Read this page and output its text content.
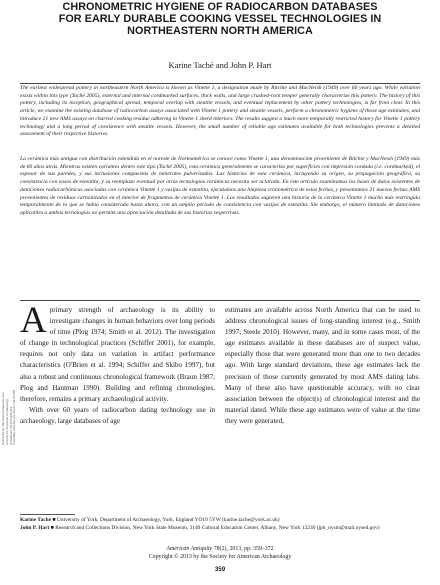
Delivered by http://saa.metapress.com Society for American Archaeology IP Address: 69.203.209.213 Thursday, October 03, 2013 7:36:23 PM
CHRONOMETRIC HYGIENE OF RADIOCARBON DATABASES
FOR EARLY DURABLE COOKING VESSEL TECHNOLOGIES IN
NORTHEASTERN NORTH AMERICA
Karine Taché and John P. Hart

The earliest widespread pottery in northeastern North America is known as Vinette 1, a designation made by Ritchie and MacNeish (1949) over 60 years ago. While variation exists within this type (Taché 2005), external and internal cordmarked surfaces, thick walls, and large crushed-rock temper generally characterize this pottery. The history of this pottery, including its inception, geographical spread, temporal overlap with steatite vessels, and eventual replacement by other pottery technologies, is far from clear. In this article, we examine the existing database of radiocarbon assays associated with Vinette 1 pottery and steatite vessels, perform a chronometric hygiene of those age estimates, and introduce 21 new AMS assays on charred cooking residue adhering to Vinette 1 sherd interiors. The results suggest a much more temporally restricted history for Vinette 1 pottery technology and a long period of coexistence with steatite vessels. However, the small number of reliable age estimates available for both technologies prevents a detailed assessment of their respective histories.

La cerámica más antigua con distribución extendida en el noreste de Norteamérica se conoce como Vinette 1, una denominación proveniente de Ritchie y MacNeish (1949) más de 60 años atrás. Mientras existen variantes dentro este tipo (Taché 2005), esta cerámica generalmente se caracteriza por superficies con impresión cordada (i.e. cordmarked), el espesor de sus paredes, y sus inclusiones compuestas de minerales pulverizados. Las historias de esta cerámica, incluyendo su origen, su propagación geográfica, su coexistencia con vasos de esteatita, y su reemplazo eventual por otras tecnologías cerámicas necesita ser aclarada. En este artículo examinamos los bases de datos existentes de dataciones radiocarbónicas asociadas con cerámica Vinette 1 y vasijas de esteatita, ejecutamos una limpieza cronométrica de estas fechas, y presentamos 21 nuevas fechas AMS provenientes de residuos carbonizados en el interior de fragmentos de cerámica Vinette 1. Los resultados sugieren una historia de la cerámica Vinette 1 mucho más restringida temporalmente de lo que se había considerado hasta ahora, con un amplio período de coexistencia con vasijas de esteatita. Sin embargo, el número limitado de dataciones aplicables a ambas tecnologías no permite una apreciación detallada de sus historias respectivas.

Aprimary strength of archaeology is its ability to investigate changes in human behaviors over long periods of time (Plog 1974; Smith et al. 2012). The investigation of change in technological practices (Schiffer 2001), for example, requires not only data on variation in artifact performance characteristics (O'Brien et al. 1994; Schiffer and Skibo 1997), but also a robust and continuous chronological framework (Braun 1987; Plog and Hantman 1990). Building and refining chronologies, therefore, remains a primary archaeological activity.

With over 60 years of radiocarbon dating technology use in archaeology, large databases of age

estimates are available across North America that can be used to address chronological issues of long-standing interest (e.g., Smith 1997; Steele 2010). However, many, and in some cases most, of the age estimates available in these databases are of suspect value, especially those that were generated more than one to two decades ago. With large standard deviations, these age estimates lack the precision of those currently generated by most AMS dating labs. Many of these also have questionable accuracy, with no clear association between the object(s) of chronological interest and the material dated. While these age estimates were of value at the time they were generated,

Karine Taché ■ University of York, Department of Archaeology, York, England YO10 5YW (karine.tache@york.ac.uk)

John P. Hart ■ Research and Collections Division, New York State Museum, 3140 Cultural Education Center, Albany, New York 12230 (jph_nysm@mail.nysed.gov)

American Antiquity 78(2), 2013, pp. 359–372
Copyright © 2013 by the Society for American Archaeology
359
